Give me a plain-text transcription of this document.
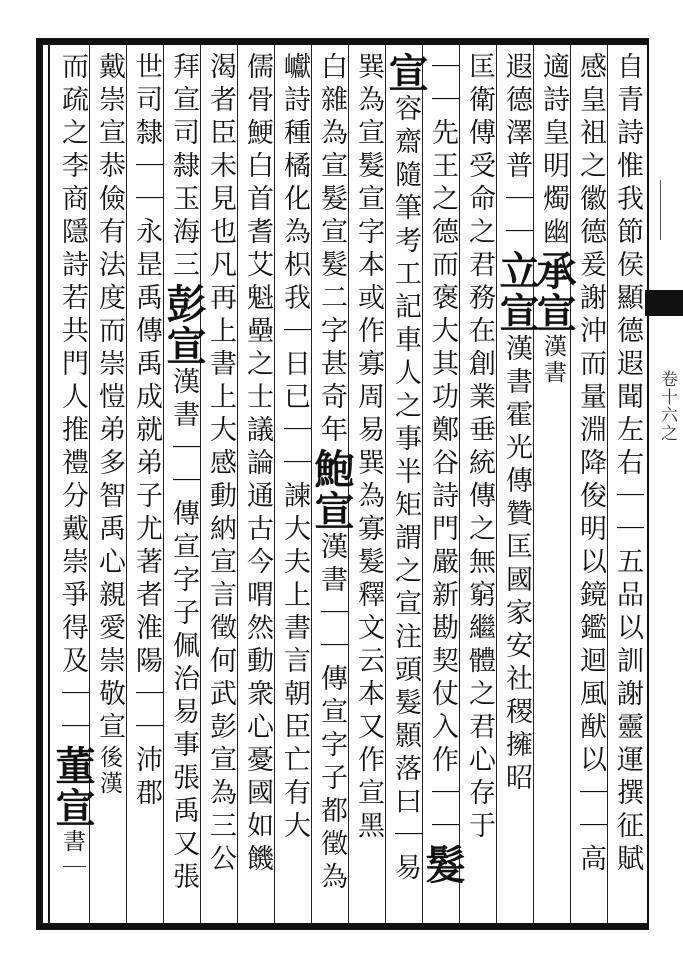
卷十六之
自青詩惟我節侯顯德遐聞左右｜｜五品以訓謝靈運撰征賦
感皇祖之徽德爰謝沖而量淵降俊明以鏡鑑迴風猷以｜｜高
適詩皇明燭幽承宣漢書
遐德澤普｜｜立宣漢書霍光傳贊匡國家安社稷擁昭
匡衛傅受命之君務在創業垂統傳之無窮繼體之君心存于
｜｜先王之德而褒大其功鄭谷詩門嚴新勘契仗入作｜｜髮
宣容齋隨筆考工記車人之事半矩謂之宣注頭髮顥落曰｜易
巽為宣髮宣字本或作寡周易巽為寡髮釋文云本又作宣黑
白雜為宣髮宣髮二字甚奇年鮑宣漢書｜｜傳宣字子都徵為
巘詩種橘化為枳我｜日已｜｜諫大夫上書言朝臣亡有大
儒骨鯁白首耆艾魁壘之士議論通古今喟然動衆心憂國如饑
渴者臣未見也凡再上書上大感動納宣言徵何武彭宣為三公
拜宣司隸玉海三彭宣漢書｜｜傳宣字子佩治易事張禹又張
世司隸｜｜永昰禹傳禹成就弟子尤著者淮陽｜｜沛郡
戴崇宣恭儉有法度而崇愷弟多智禹心親愛崇敬宣後漢
而疏之李商隱詩若共門人推禮分戴崇爭得及｜｜董宣書｜
